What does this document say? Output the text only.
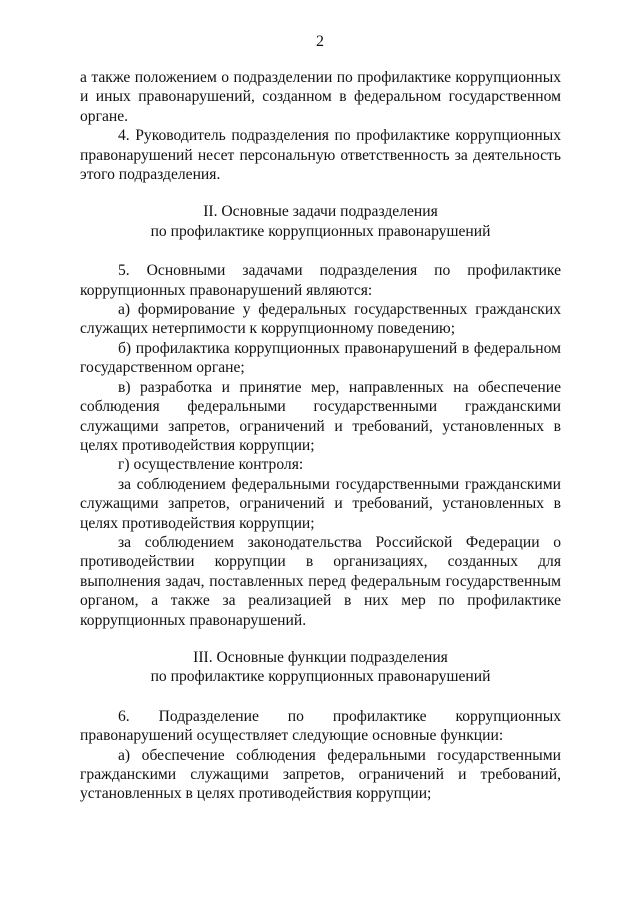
2

а также положением о подразделении по профилактике коррупционных и иных правонарушений, созданном в федеральном государственном органе.

4. Руководитель подразделения по профилактике коррупционных правонарушений несет персональную ответственность за деятельность этого подразделения.

II. Основные задачи подразделения

по профилактике коррупционных правонарушений

5. Основными задачами подразделения по профилактике коррупционных правонарушений являются:

а) формирование у федеральных государственных гражданских служащих нетерпимости к коррупционному поведению;

б) профилактика коррупционных правонарушений в федеральном государственном органе;

в) разработка и принятие мер, направленных на обеспечение соблюдения федеральными государственными гражданскими служащими запретов, ограничений и требований, установленных в целях противодействия коррупции;

г) осуществление контроля:

за соблюдением федеральными государственными гражданскими служащими запретов, ограничений и требований, установленных в целях противодействия коррупции;

за соблюдением законодательства Российской Федерации о противодействии коррупции в организациях, созданных для выполнения задач, поставленных перед федеральным государственным органом, а также за реализацией в них мер по профилактике коррупционных правонарушений.

III. Основные функции подразделения

по профилактике коррупционных правонарушений

6. Подразделение по профилактике коррупционных правонарушений осуществляет следующие основные функции:

а) обеспечение соблюдения федеральными государственными гражданскими служащими запретов, ограничений и требований, установленных в целях противодействия коррупции;
